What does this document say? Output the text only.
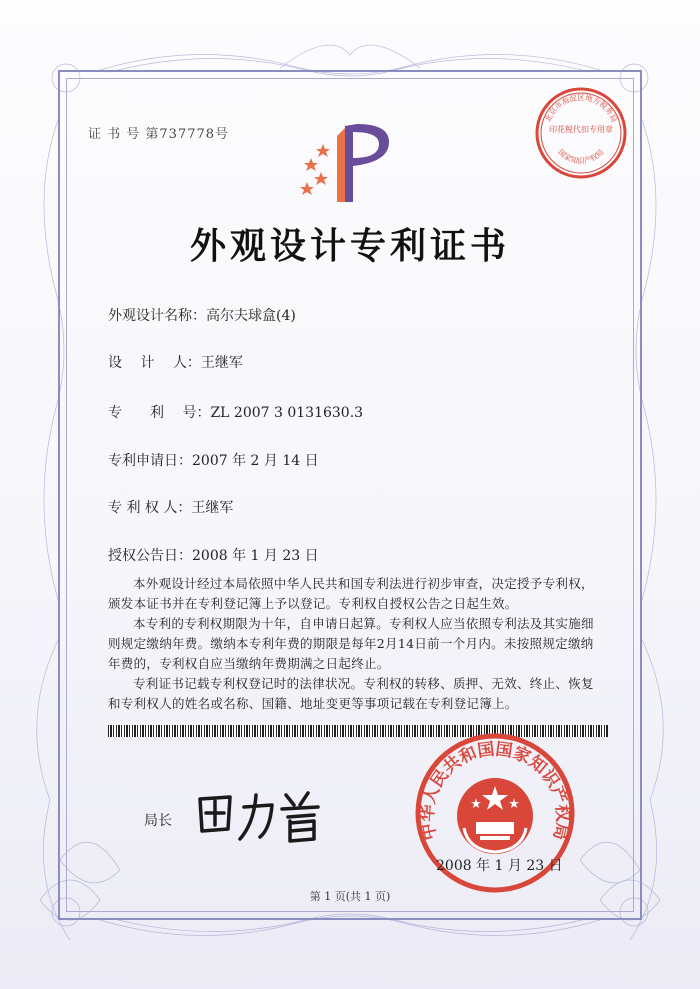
证 书 号 第737778号
北京市海淀区地方税务局
印花税代扣专用章
国家知识产权局
外观设计专利证书
外观设计名称：高尔夫球盒(4)
设　 计　 人：王继军
专　　利　 号：ZL 2007 3 0131630.3
专利申请日：2007 年 2 月 14 日
专 利 权 人：王继军
授权公告日：2008 年 1 月 23 日

本外观设计经过本局依照中华人民共和国专利法进行初步审查，决定授予专利权，颁发本证书并在专利登记簿上予以登记。专利权自授权公告之日起生效。

本专利的专利权期限为十年，自申请日起算。专利权人应当依照专利法及其实施细则规定缴纳年费。缴纳本专利年费的期限是每年2月14日前一个月内。未按照规定缴纳年费的，专利权自应当缴纳年费期满之日起终止。

专利证书记载专利权登记时的法律状况。专利权的转移、质押、无效、终止、恢复和专利权人的姓名或名称、国籍、地址变更等事项记载在专利登记簿上。

局长	中华人民共和国国家知识产权局
2008 年 1 月 23 日
第 1 页(共 1 页)
